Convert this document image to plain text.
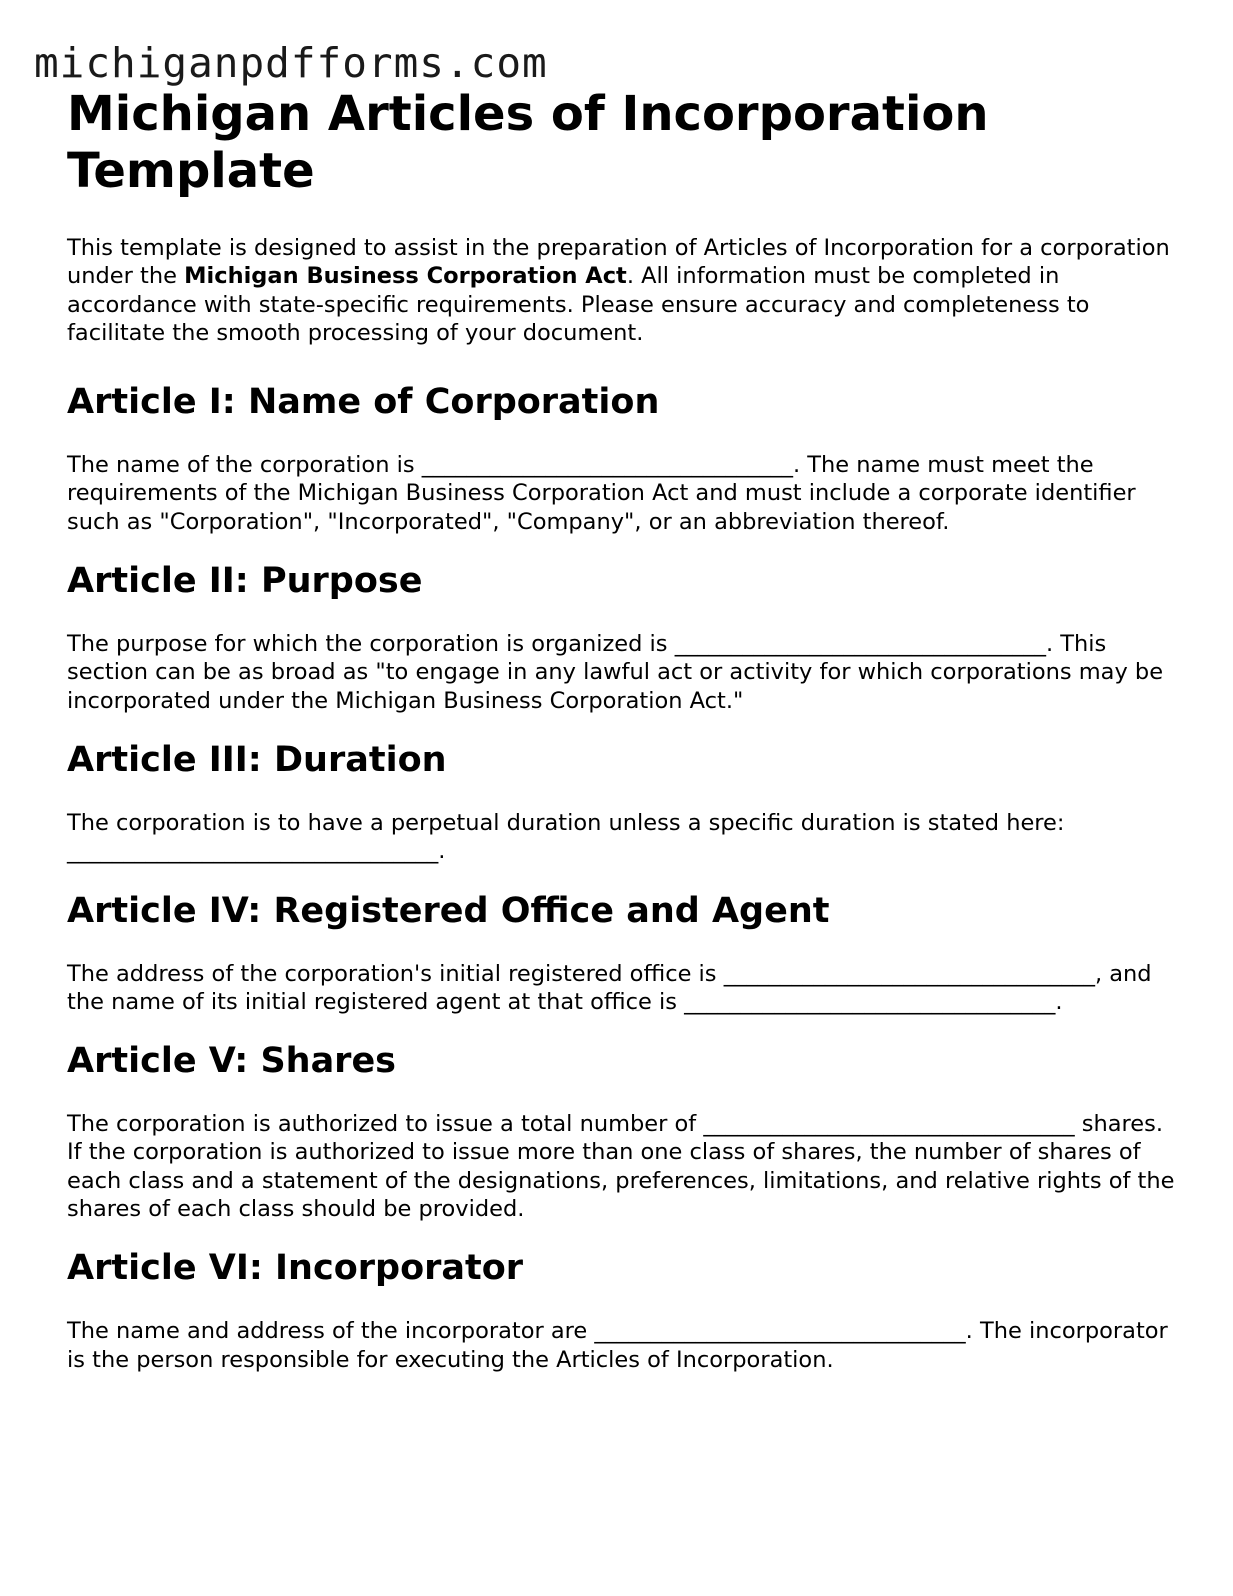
michiganpdfforms.com
Michigan Articles of Incorporation Template

This template is designed to assist in the preparation of Articles of Incorporation for a corporation under the Michigan Business Corporation Act. All information must be completed in accordance with state-specific requirements. Please ensure accuracy and completeness to facilitate the smooth processing of your document.

Article I: Name of Corporation

The name of the corporation is _________________________________. The name must meet the requirements of the Michigan Business Corporation Act and must include a corporate identifier such as "Corporation", "Incorporated", "Company", or an abbreviation thereof.

Article II: Purpose

The purpose for which the corporation is organized is _________________________________. This section can be as broad as "to engage in any lawful act or activity for which corporations may be incorporated under the Michigan Business Corporation Act."

Article III: Duration

The corporation is to have a perpetual duration unless a specific duration is stated here: _________________________________.

Article IV: Registered Office and Agent

The address of the corporation's initial registered office is _________________________________, and the name of its initial registered agent at that office is _________________________________.

Article V: Shares

The corporation is authorized to issue a total number of _________________________________ shares. If the corporation is authorized to issue more than one class of shares, the number of shares of each class and a statement of the designations, preferences, limitations, and relative rights of the shares of each class should be provided.

Article VI: Incorporator

The name and address of the incorporator are _________________________________. The incorporator is the person responsible for executing the Articles of Incorporation.
